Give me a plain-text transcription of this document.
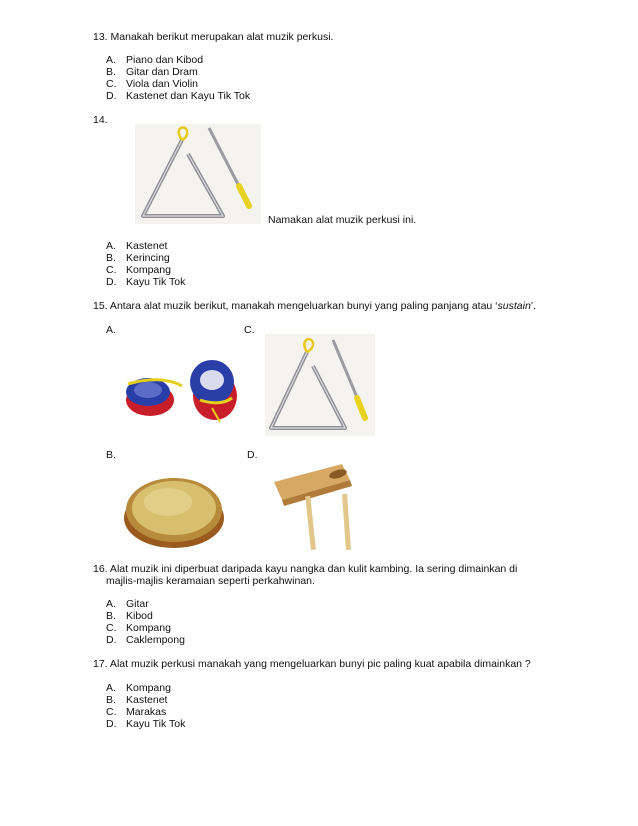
13. Manakah berikut merupakan alat muzik perkusi.
A. Piano dan Kibod
B. Gitar dan Dram
C. Viola dan Violin
D. Kastenet dan Kayu Tik Tok
14.
Namakan alat muzik perkusi ini.
A. Kastenet
B. Kerincing
C. Kompang
D. Kayu Tik Tok
15. Antara alat muzik berikut, manakah mengeluarkan bunyi yang paling panjang atau ‘sustain’.
A.	C.
B.	D.
16. Alat muzik ini diperbuat daripada kayu nangka dan kulit kambing. Ia sering dimainkan di
majlis-majlis keramaian seperti perkahwinan.
A. Gitar
B. Kibod
C. Kompang
D. Caklempong
17. Alat muzik perkusi manakah yang mengeluarkan bunyi pic paling kuat apabila dimainkan ?
A. Kompang
B. Kastenet
C. Marakas
D. Kayu Tik Tok
